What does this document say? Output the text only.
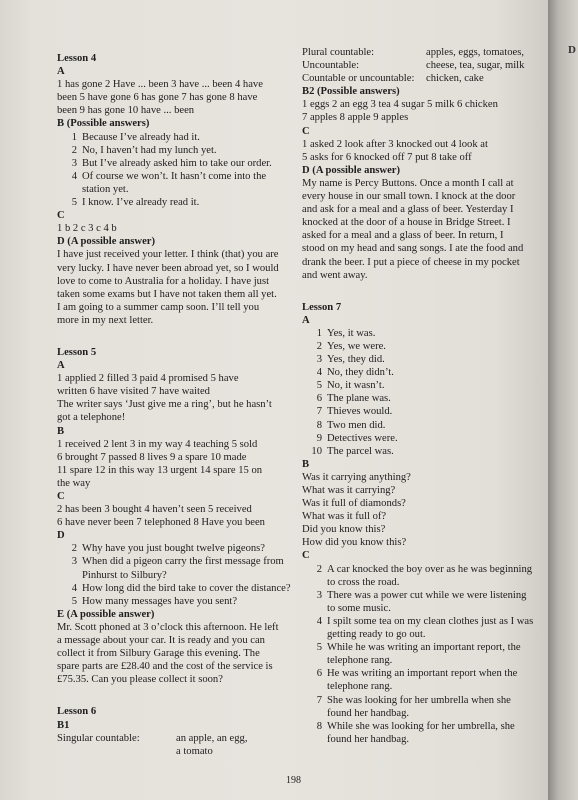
D

Lesson 4

A

1 has gone 2 Have ... been 3 have ... been 4 have

been 5 have gone 6 has gone 7 has gone 8 have

been 9 has gone 10 have ... been

B (Possible answers)

1 Because I’ve already had it.

2 No, I haven’t had my lunch yet.

3 But I’ve already asked him to take our order.

4 Of course we won’t. It hasn’t come into the station yet.

5 I know. I’ve already read it.

C

1 b 2 c 3 c 4 b

D (A possible answer)

I have just received your letter. I think (that) you are

very lucky. I have never been abroad yet, so I would

love to come to Australia for a holiday. I have just

taken some exams but I have not taken them all yet.

I am going to a summer camp soon. I’ll tell you

more in my next letter.

Lesson 5

A

1 applied 2 filled 3 paid 4 promised 5 have

written 6 have visited 7 have waited

The writer says ‘Just give me a ring’, but he hasn’t

got a telephone!

B

1 received 2 lent 3 in my way 4 teaching 5 sold

6 brought 7 passed 8 lives 9 a spare 10 made

11 spare 12 in this way 13 urgent 14 spare 15 on

the way

C

2 has been 3 bought 4 haven’t seen 5 received

6 have never been 7 telephoned 8 Have you been

D

2 Why have you just bought twelve pigeons?

3 When did a pigeon carry the first message from Pinhurst to Silbury?

4 How long did the bird take to cover the distance?

5 How many messages have you sent?

E (A possible answer)

Mr. Scott phoned at 3 o’clock this afternoon. He left

a message about your car. It is ready and you can

collect it from Silbury Garage this evening. The

spare parts are £28.40 and the cost of the service is

£75.35. Can you please collect it soon?

Lesson 6

B1

Singular countable:	an apple, an egg,
a tomato
Plural countable:	apples, eggs, tomatoes,
Uncountable:	cheese, tea, sugar, milk
Countable or uncountable:	chicken, cake

B2 (Possible answers)

1 eggs 2 an egg 3 tea 4 sugar 5 milk 6 chicken

7 apples 8 apple 9 apples

C

1 asked 2 look after 3 knocked out 4 look at

5 asks for 6 knocked off 7 put 8 take off

D (A possible answer)

My name is Percy Buttons. Once a month I call at

every house in our small town. I knock at the door

and ask for a meal and a glass of beer. Yesterday I

knocked at the door of a house in Bridge Street. I

asked for a meal and a glass of beer. In return, I

stood on my head and sang songs. I ate the food and

drank the beer. I put a piece of cheese in my pocket

and went away.

Lesson 7

A

1 Yes, it was.

2 Yes, we were.

3 Yes, they did.

4 No, they didn’t.

5 No, it wasn’t.

6 The plane was.

7 Thieves would.

8 Two men did.

9 Detectives were.

10 The parcel was.

B

Was it carrying anything?

What was it carrying?

Was it full of diamonds?

What was it full of?

Did you know this?

How did you know this?

C

2 A car knocked the boy over as he was beginning to cross the road.

3 There was a power cut while we were listening to some music.

4 I spilt some tea on my clean clothes just as I was getting ready to go out.

5 While he was writing an important report, the telephone rang.

6 He was writing an important report when the telephone rang.

7 She was looking for her umbrella when she found her handbag.

8 While she was looking for her umbrella, she found her handbag.

198
